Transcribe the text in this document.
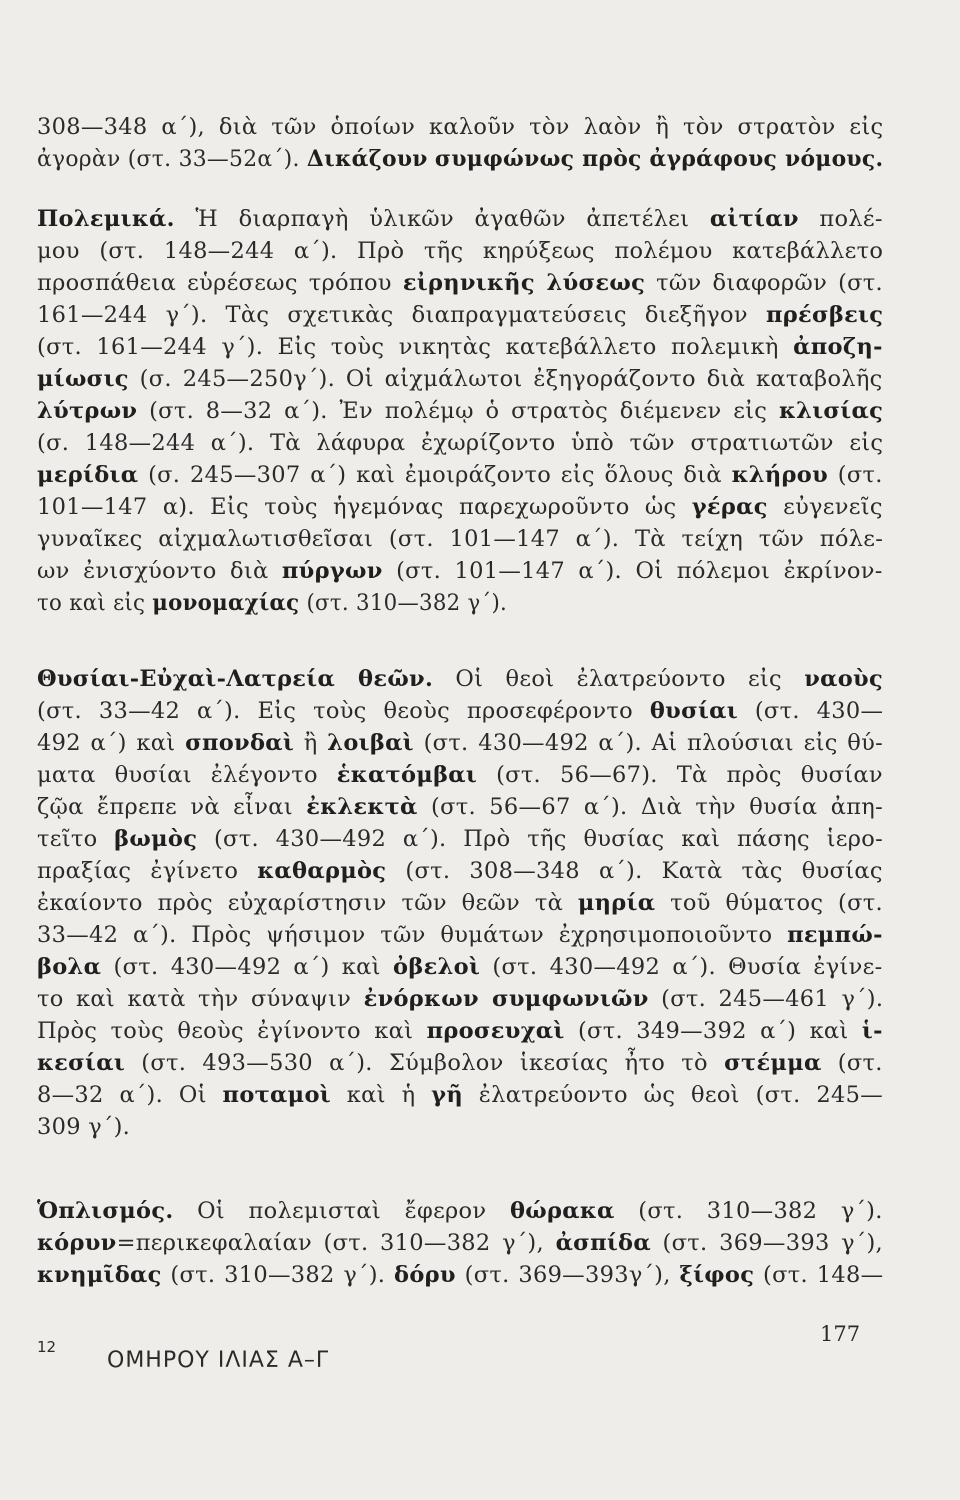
308—348 α΄), διὰ τῶν ὁποίων καλοῦν τὸν λαὸν ἢ τὸν στρατὸν εἰς
ἀγορὰν (στ. 33—52α΄). Δικάζουν συμφώνως πρὸς ἀγράφους νόμους.
Πολεμικά. Ἡ διαρπαγὴ ὑλικῶν ἀγαθῶν ἀπετέλει αἰτίαν πολέ-
μου (στ. 148—244 α΄). Πρὸ τῆς κηρύξεως πολέμου κατεβάλλετο
προσπάθεια εὑρέσεως τρόπου εἰρηνικῆς λύσεως τῶν διαφορῶν (στ.
161—244 γ΄). Τὰς σχετικὰς διαπραγματεύσεις διεξῆγον πρέσβεις
(στ. 161—244 γ΄). Εἰς τοὺς νικητὰς κατεβάλλετο πολεμικὴ ἀποζη-
μίωσις (σ. 245—250γ΄). Οἱ αἰχμάλωτοι ἐξηγοράζοντο διὰ καταβολῆς
λύτρων (στ. 8—32 α΄). Ἐν πολέμῳ ὁ στρατὸς διέμενεν εἰς κλισίας
(σ. 148—244 α΄). Τὰ λάφυρα ἐχωρίζοντο ὑπὸ τῶν στρατιωτῶν εἰς
μερίδια (σ. 245—307 α΄) καὶ ἐμοιράζοντο εἰς ὅλους διὰ κλήρου (στ.
101—147 α). Εἰς τοὺς ἡγεμόνας παρεχωροῦντο ὡς γέρας εὐγενεῖς
γυναῖκες αἰχμαλωτισθεῖσαι (στ. 101—147 α΄). Τὰ τείχη τῶν πόλε-
ων ἐνισχύοντο διὰ πύργων (στ. 101—147 α΄). Οἱ πόλεμοι ἐκρίνον-
το καὶ εἰς μονομαχίας (στ. 310—382 γ΄).
Θυσίαι-Εὐχαὶ-Λατρεία θεῶν. Οἱ θεοὶ ἐλατρεύοντο εἰς ναοὺς
(στ. 33—42 α΄). Εἰς τοὺς θεοὺς προσεφέροντο θυσίαι (στ. 430—
492 α΄) καὶ σπονδαὶ ἢ λοιβαὶ (στ. 430—492 α΄). Αἱ πλούσιαι εἰς θύ-
ματα θυσίαι ἐλέγοντο ἑκατόμβαι (στ. 56—67). Τὰ πρὸς θυσίαν
ζῷα ἔπρεπε νὰ εἶναι ἐκλεκτὰ (στ. 56—67 α΄). Διὰ τὴν θυσία ἀπη-
τεῖτο βωμὸς (στ. 430—492 α΄). Πρὸ τῆς θυσίας καὶ πάσης ἱερο-
πραξίας ἐγίνετο καθαρμὸς (στ. 308—348 α΄). Κατὰ τὰς θυσίας
ἐκαίοντο πρὸς εὐχαρίστησιν τῶν θεῶν τὰ μηρία τοῦ θύματος (στ.
33—42 α΄). Πρὸς ψήσιμον τῶν θυμάτων ἐχρησιμοποιοῦντο πεμπώ-
βολα (στ. 430—492 α΄) καὶ ὀβελοὶ (στ. 430—492 α΄). Θυσία ἐγίνε-
το καὶ κατὰ τὴν σύναψιν ἐνόρκων συμφωνιῶν (στ. 245—461 γ΄).
Πρὸς τοὺς θεοὺς ἐγίνοντο καὶ προσευχαὶ (στ. 349—392 α΄) καὶ ἱ-
κεσίαι (στ. 493—530 α΄). Σύμβολον ἱκεσίας ἦτο τὸ στέμμα (στ.
8—32 α΄). Οἱ ποταμοὶ καὶ ἡ γῆ ἐλατρεύοντο ὡς θεοὶ (στ. 245—
309 γ΄).
Ὁπλισμός. Οἱ πολεμισταὶ ἔφερον θώρακα (στ. 310—382 γ΄).
κόρυν=περικεφαλαίαν (στ. 310—382 γ΄), ἀσπίδα (στ. 369—393 γ΄),
κνημῖδας (στ. 310—382 γ΄). δόρυ (στ. 369—393γ΄), ξίφος (στ. 148—
12
ΟΜΗΡΟΥ ΙΛΙΑΣ Α–Γ
177
